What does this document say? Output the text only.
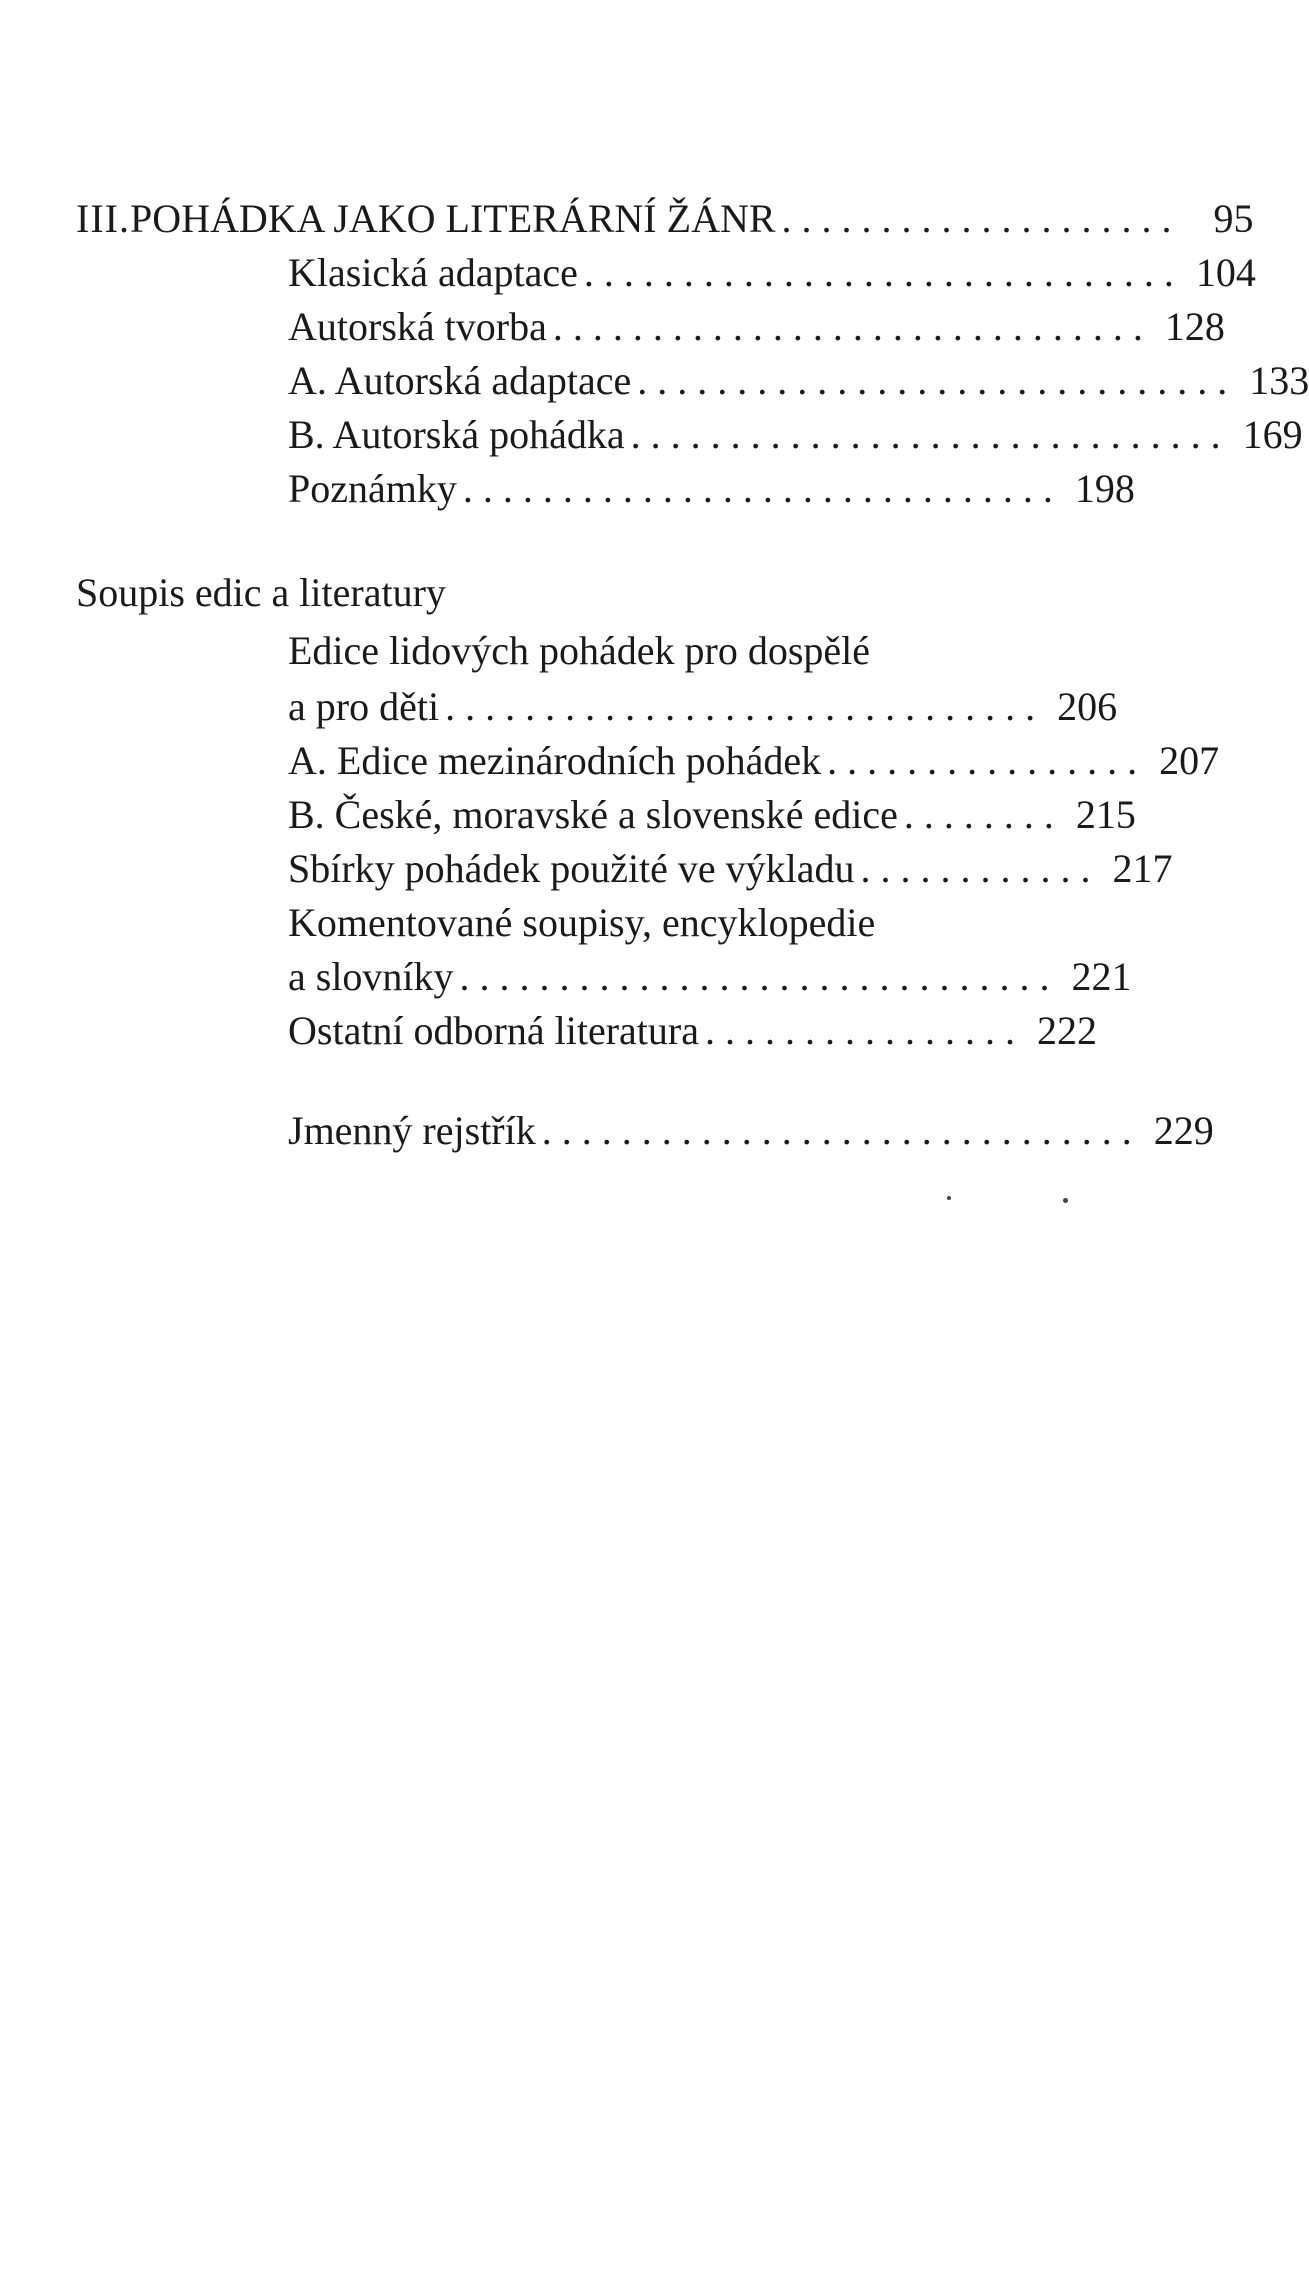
III. POHÁDKA JAKO LITERÁRNÍ ŽÁNR . . . . . . . . . . . . . . . . . . . .	95
Klasická adaptace . . . . . . . . . . . . . . . . . . . . . . . . . . . . . . 104
Autorská tvorba . . . . . . . . . . . . . . . . . . . . . . . . . . . . . . 128
A. Autorská adaptace . . . . . . . . . . . . . . . . . . . . . . . . . . . . . . 133
B. Autorská pohádka . . . . . . . . . . . . . . . . . . . . . . . . . . . . . . 169
Poznámky . . . . . . . . . . . . . . . . . . . . . . . . . . . . . . 198
Soupis edic a literatury
Edice lidových pohádek pro dospělé
a pro děti . . . . . . . . . . . . . . . . . . . . . . . . . . . . . . 206
A. Edice mezinárodních pohádek . . . . . . . . . . . . . . . . 207
B. České, moravské a slovenské edice . . . . . . . . 215
Sbírky pohádek použité ve výkladu . . . . . . . . . . . . 217
Komentované soupisy, encyklopedie
a slovníky . . . . . . . . . . . . . . . . . . . . . . . . . . . . . . 221
Ostatní odborná literatura . . . . . . . . . . . . . . . . 222
Jmenný rejstřík . . . . . . . . . . . . . . . . . . . . . . . . . . . . . . 229
